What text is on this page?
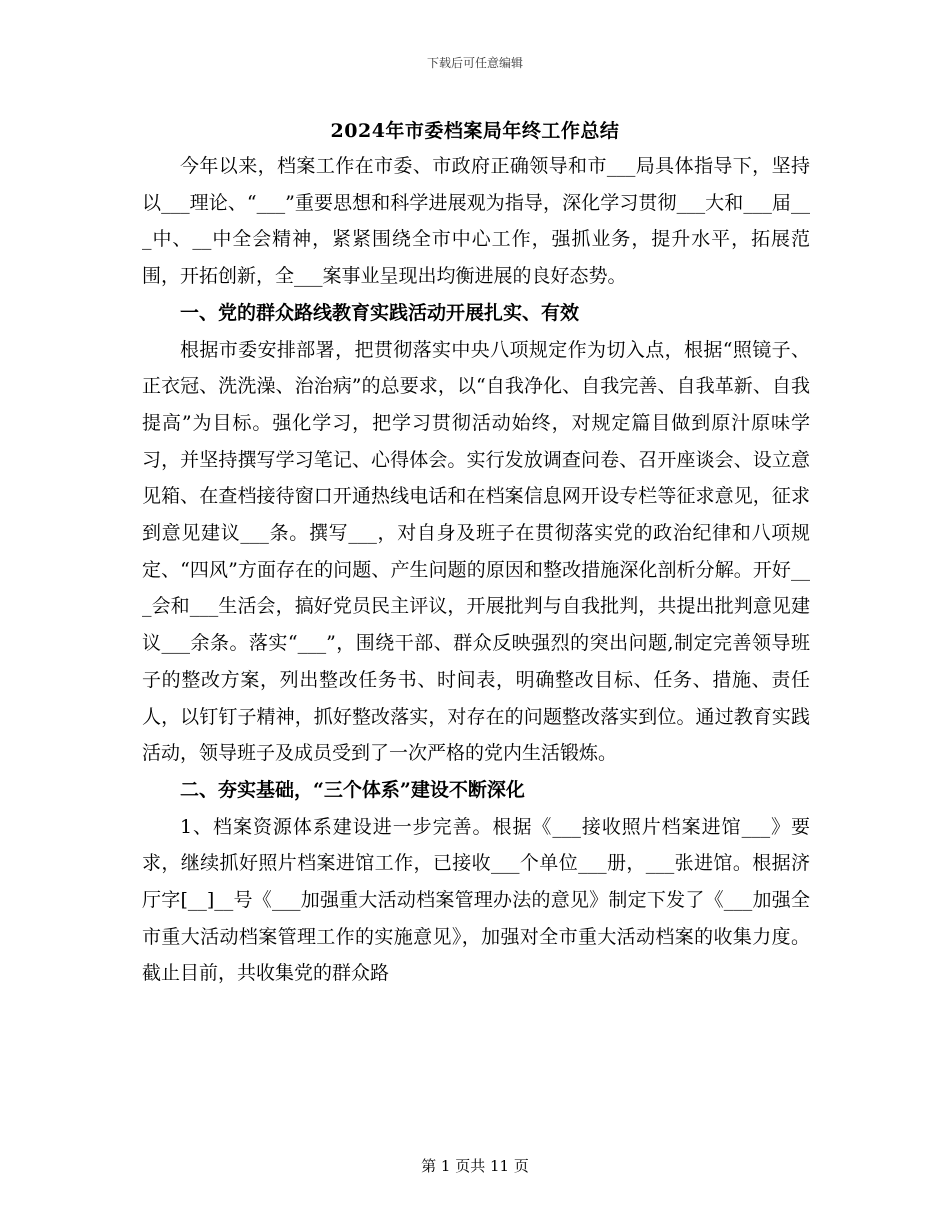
下载后可任意编辑
2024年市委档案局年终工作总结

今年以来，档案工作在市委、市政府正确领导和市___局具体指导下，坚持以___理论、“___”重要思想和科学进展观为指导，深化学习贯彻___大和___届___中、__中全会精神，紧紧围绕全市中心工作，强抓业务，提升水平，拓展范围，开拓创新，全___案事业呈现出均衡进展的良好态势。

一、党的群众路线教育实践活动开展扎实、有效

根据市委安排部署，把贯彻落实中央八项规定作为切入点，根据“照镜子、正衣冠、洗洗澡、治治病”的总要求，以“自我净化、自我完善、自我革新、自我提高”为目标。强化学习，把学习贯彻活动始终，对规定篇目做到原汁原味学习，并坚持撰写学习笔记、心得体会。实行发放调查问卷、召开座谈会、设立意见箱、在查档接待窗口开通热线电话和在档案信息网开设专栏等征求意见，征求到意见建议___条。撰写___，对自身及班子在贯彻落实党的政治纪律和八项规定、“四风”方面存在的问题、产生问题的原因和整改措施深化剖析分解。开好___会和___生活会，搞好党员民主评议，开展批判与自我批判，共提出批判意见建议___余条。落实“___”，围绕干部、群众反映强烈的突出问题,制定完善领导班子的整改方案，列出整改任务书、时间表，明确整改目标、任务、措施、责任人，以钉钉子精神，抓好整改落实，对存在的问题整改落实到位。通过教育实践活动，领导班子及成员受到了一次严格的党内生活锻炼。

二、夯实基础，“三个体系”建设不断深化

1、档案资源体系建设进一步完善。根据《___接收照片档案进馆___》要求，继续抓好照片档案进馆工作，已接收___个单位___册，___张进馆。根据济厅字[__]__号《___加强重大活动档案管理办法的意见》制定下发了《___加强全市重大活动档案管理工作的实施意见》，加强对全市重大活动档案的收集力度。截止目前，共收集党的群众路

第 1 页共 11 页
